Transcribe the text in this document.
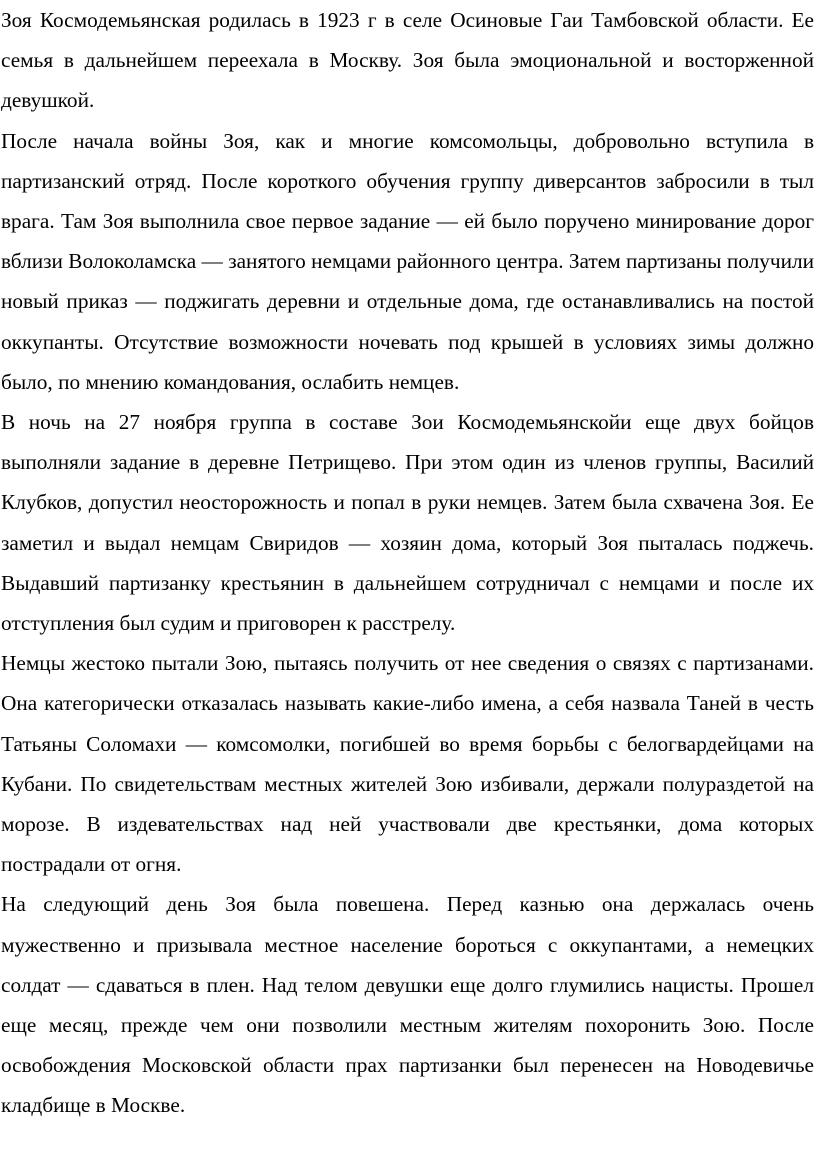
Зоя Космодемьянская родилась в 1923 г в селе Осиновые Гаи Тамбовской области. Ее семья в дальнейшем переехала в Москву. Зоя была эмоциональной и восторженной девушкой.

После начала войны Зоя, как и многие комсомольцы, добровольно вступила в партизанский отряд. После короткого обучения группу диверсантов забросили в тыл врага. Там Зоя выполнила свое первое задание — ей было поручено минирование дорог вблизи Волоколамска — занятого немцами районного центра. Затем партизаны получили новый приказ — поджигать деревни и отдельные дома, где останавливались на постой оккупанты. Отсутствие возможности ночевать под крышей в условиях зимы должно было, по мнению командования, ослабить немцев.

В ночь на 27 ноября группа в составе Зои Космодемьянскойи еще двух бойцов выполняли задание в деревне Петрищево. При этом один из членов группы, Василий Клубков, допустил неосторожность и попал в руки немцев. Затем была схвачена Зоя. Ее заметил и выдал немцам Свиридов — хозяин дома, который Зоя пыталась поджечь. Выдавший партизанку крестьянин в дальнейшем сотрудничал с немцами и после их отступления был судим и приговорен к расстрелу.

Немцы жестоко пытали Зою, пытаясь получить от нее сведения о связях с партизанами. Она категорически отказалась называть какие-либо имена, а себя назвала Таней в честь Татьяны Соломахи — комсомолки, погибшей во время борьбы с белогвардейцами на Кубани. По свидетельствам местных жителей Зою избивали, держали полураздетой на морозе. В издевательствах над ней участвовали две крестьянки, дома которых пострадали от огня.

На следующий день Зоя была повешена. Перед казнью она держалась очень мужественно и призывала местное население бороться с оккупантами, а немецких солдат — сдаваться в плен. Над телом девушки еще долго глумились нацисты. Прошел еще месяц, прежде чем они позволили местным жителям похоронить Зою. После освобождения Московской области прах партизанки был перенесен на Новодевичье кладбище в Москве.
